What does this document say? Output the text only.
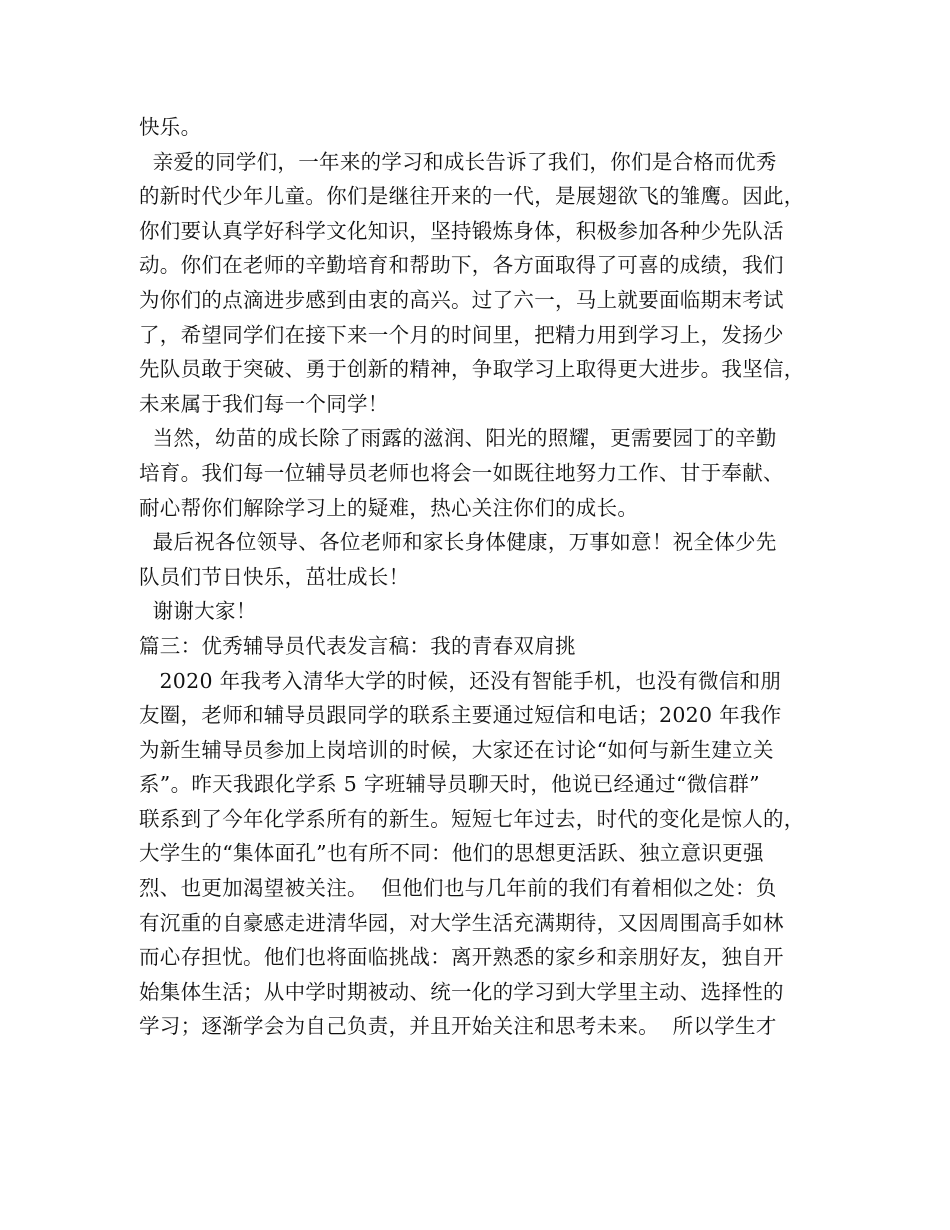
快乐。
亲爱的同学们，一年来的学习和成长告诉了我们，你们是合格而优秀
的新时代少年儿童。你们是继往开来的一代，是展翅欲飞的雏鹰。因此，
你们要认真学好科学文化知识，坚持锻炼身体，积极参加各种少先队活
动。你们在老师的辛勤培育和帮助下，各方面取得了可喜的成绩，我们
为你们的点滴进步感到由衷的高兴。过了六一，马上就要面临期末考试
了，希望同学们在接下来一个月的时间里，把精力用到学习上，发扬少
先队员敢于突破、勇于创新的精神，争取学习上取得更大进步。我坚信，
未来属于我们每一个同学！
当然，幼苗的成长除了雨露的滋润、阳光的照耀，更需要园丁的辛勤
培育。我们每一位辅导员老师也将会一如既往地努力工作、甘于奉献、
耐心帮你们解除学习上的疑难，热心关注你们的成长。
最后祝各位领导、各位老师和家长身体健康，万事如意！祝全体少先
队员们节日快乐，茁壮成长！
谢谢大家！
篇三：优秀辅导员代表发言稿：我的青春双肩挑
2020 年我考入清华大学的时候，还没有智能手机，也没有微信和朋
友圈，老师和辅导员跟同学的联系主要通过短信和电话；2020 年我作
为新生辅导员参加上岗培训的时候，大家还在讨论“如何与新生建立关
系”。昨天我跟化学系 5 字班辅导员聊天时，他说已经通过“微信群”
联系到了今年化学系所有的新生。短短七年过去，时代的变化是惊人的，
大学生的“集体面孔”也有所不同：他们的思想更活跃、独立意识更强
烈、也更加渴望被关注。  但他们也与几年前的我们有着相似之处：负
有沉重的自豪感走进清华园，对大学生活充满期待，又因周围高手如林
而心存担忧。他们也将面临挑战：离开熟悉的家乡和亲朋好友，独自开
始集体生活；从中学时期被动、统一化的学习到大学里主动、选择性的
学习；逐渐学会为自己负责，并且开始关注和思考未来。  所以学生才
